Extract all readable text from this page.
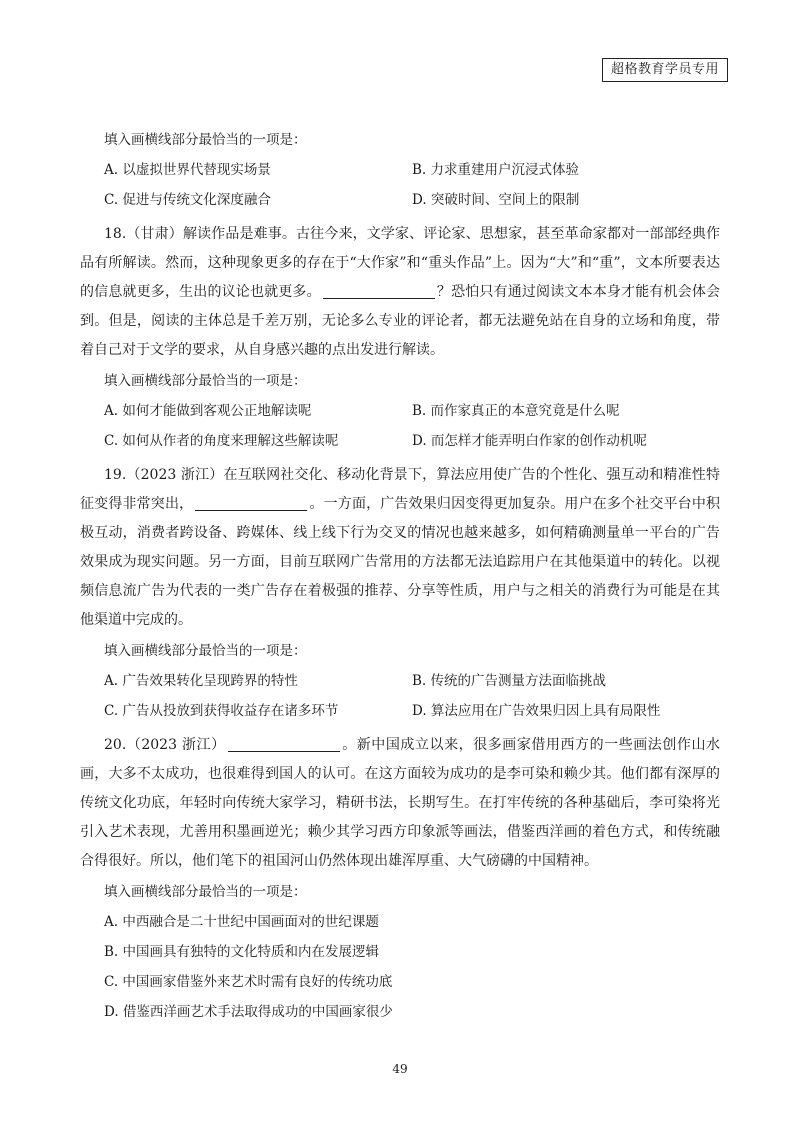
超格教育学员专用

填入画横线部分最恰当的一项是：

A. 以虚拟世界代替现实场景	B. 力求重建用户沉浸式体验
C. 促进与传统文化深度融合	D. 突破时间、空间上的限制

18.（甘肃）解读作品是难事。古往今来，文学家、评论家、思想家，甚至革命家都对一部部经典作品有所解读。然而，这种现象更多的存在于“大作家”和“重头作品”上。因为“大”和“重”，文本所要表达的信息就更多，生出的议论也就更多。	？恐怕只有通过阅读文本本身才能有机会体会到。但是，阅读的主体总是千差万别，无论多么专业的评论者，都无法避免站在自身的立场和角度，带着自己对于文学的要求，从自身感兴趣的点出发进行解读。

填入画横线部分最恰当的一项是：

A. 如何才能做到客观公正地解读呢	B. 而作家真正的本意究竟是什么呢
C. 如何从作者的角度来理解这些解读呢	D. 而怎样才能弄明白作家的创作动机呢

19.（2023 浙江）在互联网社交化、移动化背景下，算法应用使广告的个性化、强互动和精准性特征变得非常突出，	。一方面，广告效果归因变得更加复杂。用户在多个社交平台中积极互动，消费者跨设备、跨媒体、线上线下行为交叉的情况也越来越多，如何精确测量单一平台的广告效果成为现实问题。另一方面，目前互联网广告常用的方法都无法追踪用户在其他渠道中的转化。以视频信息流广告为代表的一类广告存在着极强的推荐、分享等性质，用户与之相关的消费行为可能是在其他渠道中完成的。

填入画横线部分最恰当的一项是：

A. 广告效果转化呈现跨界的特性	B. 传统的广告测量方法面临挑战
C. 广告从投放到获得收益存在诸多环节	D. 算法应用在广告效果归因上具有局限性

20.（2023 浙江）	。新中国成立以来，很多画家借用西方的一些画法创作山水画，大多不太成功，也很难得到国人的认可。在这方面较为成功的是李可染和赖少其。他们都有深厚的传统文化功底，年轻时向传统大家学习，精研书法，长期写生。在打牢传统的各种基础后，李可染将光引入艺术表现，尤善用积墨画逆光；赖少其学习西方印象派等画法，借鉴西洋画的着色方式，和传统融合得很好。所以，他们笔下的祖国河山仍然体现出雄浑厚重、大气磅礴的中国精神。

填入画横线部分最恰当的一项是：

A. 中西融合是二十世纪中国画面对的世纪课题

B. 中国画具有独特的文化特质和内在发展逻辑

C. 中国画家借鉴外来艺术时需有良好的传统功底

D. 借鉴西洋画艺术手法取得成功的中国画家很少

49
